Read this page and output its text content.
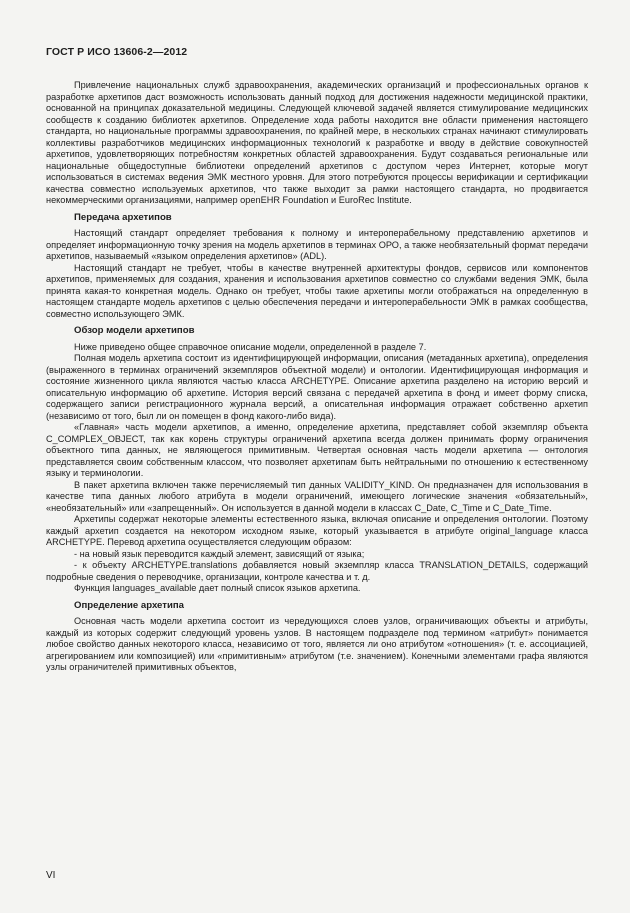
ГОСТ Р ИСО 13606-2—2012

Привлечение национальных служб здравоохранения, академических организаций и профессиональных органов к разработке архетипов даст возможность использовать данный подход для достижения надежности медицинской практики, основанной на принципах доказательной медицины. Следующей ключевой задачей является стимулирование медицинских сообществ к созданию библиотек архетипов. Определение хода работы находится вне области применения настоящего стандарта, но национальные программы здравоохранения, по крайней мере, в нескольких странах начинают стимулировать коллективы разработчиков медицинских информационных технологий к разработке и вводу в действие совокупностей архетипов, удовлетворяющих потребностям конкретных областей здравоохранения. Будут создаваться региональные или национальные общедоступные библиотеки определений архетипов с доступом через Интернет, которые могут использоваться в системах ведения ЭМК местного уровня. Для этого потребуются процессы верификации и сертификации качества совместно используемых архетипов, что также выходит за рамки настоящего стандарта, но продвигается некоммерческими организациями, например openEHR Foundation и EuroRec Institute.

Передача архетипов

Настоящий стандарт определяет требования к полному и интероперабельному представлению архетипов и определяет информационную точку зрения на модель архетипов в терминах ОРО, а также необязательный формат передачи архетипов, называемый «языком определения архетипов» (ADL).

Настоящий стандарт не требует, чтобы в качестве внутренней архитектуры фондов, сервисов или компонентов архетипов, применяемых для создания, хранения и использования архетипов совместно со службами ведения ЭМК, была принята какая-то конкретная модель. Однако он требует, чтобы такие архетипы могли отображаться на определенную в настоящем стандарте модель архетипов с целью обеспечения передачи и интероперабельности ЭМК в рамках сообщества, совместно использующего ЭМК.

Обзор модели архетипов

Ниже приведено общее справочное описание модели, определенной в разделе 7.

Полная модель архетипа состоит из идентифицирующей информации, описания (метаданных архетипа), определения (выраженного в терминах ограничений экземпляров объектной модели) и онтологии. Идентифицирующая информация и состояние жизненного цикла являются частью класса ARCHETYPE. Описание архетипа разделено на историю версий и описательную информацию об архетипе. История версий связана с передачей архетипа в фонд и имеет форму списка, содержащего записи регистрационного журнала версий, а описательная информация отражает собственно архетип (независимо от того, был ли он помещен в фонд какого-либо вида).

«Главная» часть модели архетипов, а именно, определение архетипа, представляет собой экземпляр объекта C_COMPLEX_OBJECT, так как корень структуры ограничений архетипа всегда должен принимать форму ограничения объектного типа данных, не являющегося примитивным. Четвертая основная часть модели архетипа — онтология представляется своим собственным классом, что позволяет архетипам быть нейтральными по отношению к естественному языку и терминологии.

В пакет архетипа включен также перечисляемый тип данных VALIDITY_KIND. Он предназначен для использования в качестве типа данных любого атрибута в модели ограничений, имеющего логические значения «обязательный», «необязательный» или «запрещенный». Он используется в данной модели в классах C_Date, C_Time и C_Date_Time.

Архетипы содержат некоторые элементы естественного языка, включая описание и определения онтологии. Поэтому каждый архетип создается на некотором исходном языке, который указывается в атрибуте original_language класса ARCHETYPE. Перевод архетипа осуществляется следующим образом:

- на новый язык переводится каждый элемент, зависящий от языка;

- к объекту ARCHETYPE.translations добавляется новый экземпляр класса TRANSLATION_DETAILS, содержащий подробные сведения о переводчике, организации, контроле качества и т. д.

Функция languages_available дает полный список языков архетипа.

Определение архетипа

Основная часть модели архетипа состоит из чередующихся слоев узлов, ограничивающих объекты и атрибуты, каждый из которых содержит следующий уровень узлов. В настоящем подразделе под термином «атрибут» понимается любое свойство данных некоторого класса, независимо от того, является ли оно атрибутом «отношения» (т. е. ассоциацией, агрегированием или композицией) или «примитивным» атрибутом (т.е. значением). Конечными элементами графа являются узлы ограничителей примитивных объектов,

VI
